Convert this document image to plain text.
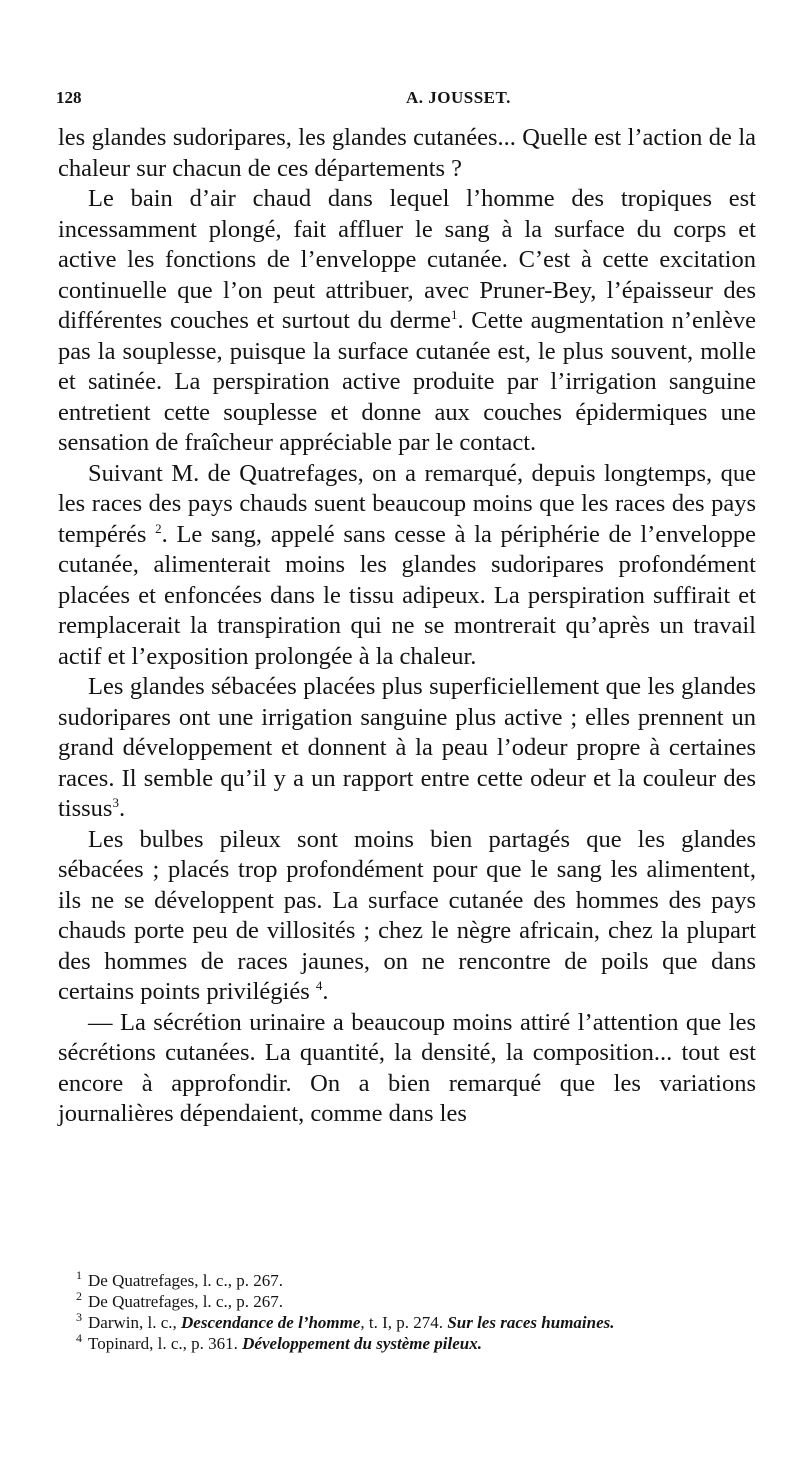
128	A. JOUSSET.

les glandes sudoripares, les glandes cutanées... Quelle est l’action de la chaleur sur chacun de ces départements ?

Le bain d’air chaud dans lequel l’homme des tropiques est incessamment plongé, fait affluer le sang à la surface du corps et active les fonctions de l’enveloppe cutanée. C’est à cette excitation continuelle que l’on peut attribuer, avec Pruner-Bey, l’épaisseur des différentes couches et surtout du derme$^1$. Cette augmentation n’enlève pas la souplesse, puisque la surface cutanée est, le plus souvent, molle et satinée. La perspiration active produite par l’irrigation sanguine entretient cette souplesse et donne aux couches épidermiques une sensation de fraîcheur appréciable par le contact.

Suivant M. de Quatrefages, on a remarqué, depuis longtemps, que les races des pays chauds suent beaucoup moins que les races des pays tempérés $^2$. Le sang, appelé sans cesse à la périphérie de l’enveloppe cutanée, alimenterait moins les glandes sudoripares profondément placées et enfoncées dans le tissu adipeux. La perspiration suffirait et remplacerait la transpiration qui ne se montrerait qu’après un travail actif et l’exposition prolongée à la chaleur.

Les glandes sébacées placées plus superficiellement que les glandes sudoripares ont une irrigation sanguine plus active ; elles prennent un grand développement et donnent à la peau l’odeur propre à certaines races. Il semble qu’il y a un rapport entre cette odeur et la couleur des tissus$^3$.

Les bulbes pileux sont moins bien partagés que les glandes sébacées ; placés trop profondément pour que le sang les alimentent, ils ne se développent pas. La surface cutanée des hommes des pays chauds porte peu de villosités ; chez le nègre africain, chez la plupart des hommes de races jaunes, on ne rencontre de poils que dans certains points privilégiés $^4$.

— La sécrétion urinaire a beaucoup moins attiré l’attention que les sécrétions cutanées. La quantité, la densité, la composition... tout est encore à approfondir. On a bien remarqué que les variations journalières dépendaient, comme dans les

$^1$ De Quatrefages, l. c., p. 267.

$^2$ De Quatrefages, l. c., p. 267.

$^3$ Darwin, l. c., Descendance de l’homme, t. I, p. 274. Sur les races humaines.

$^4$ Topinard, l. c., p. 361. Développement du système pileux.
